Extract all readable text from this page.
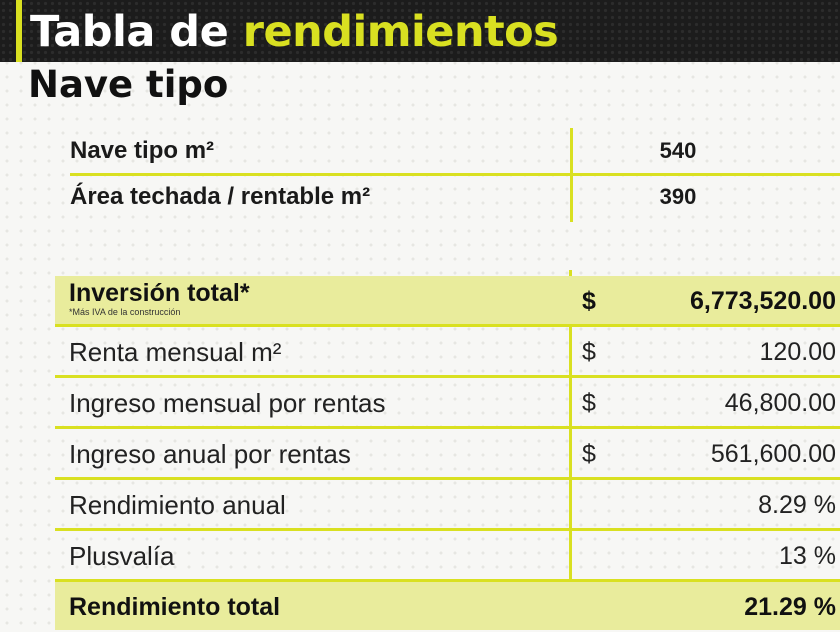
Tabla de rendimientos
Nave tipo
Nave tipo m²	540
Área techada / rentable m²	390
Inversión total*
*Más IVA de la construcción	$	6,773,520.00
Renta mensual m²	$	120.00
Ingreso mensual por rentas	$	46,800.00
Ingreso anual por rentas	$	561,600.00
Rendimiento anual	8.29 %
Plusvalía	13 %
Rendimiento total	21.29 %
